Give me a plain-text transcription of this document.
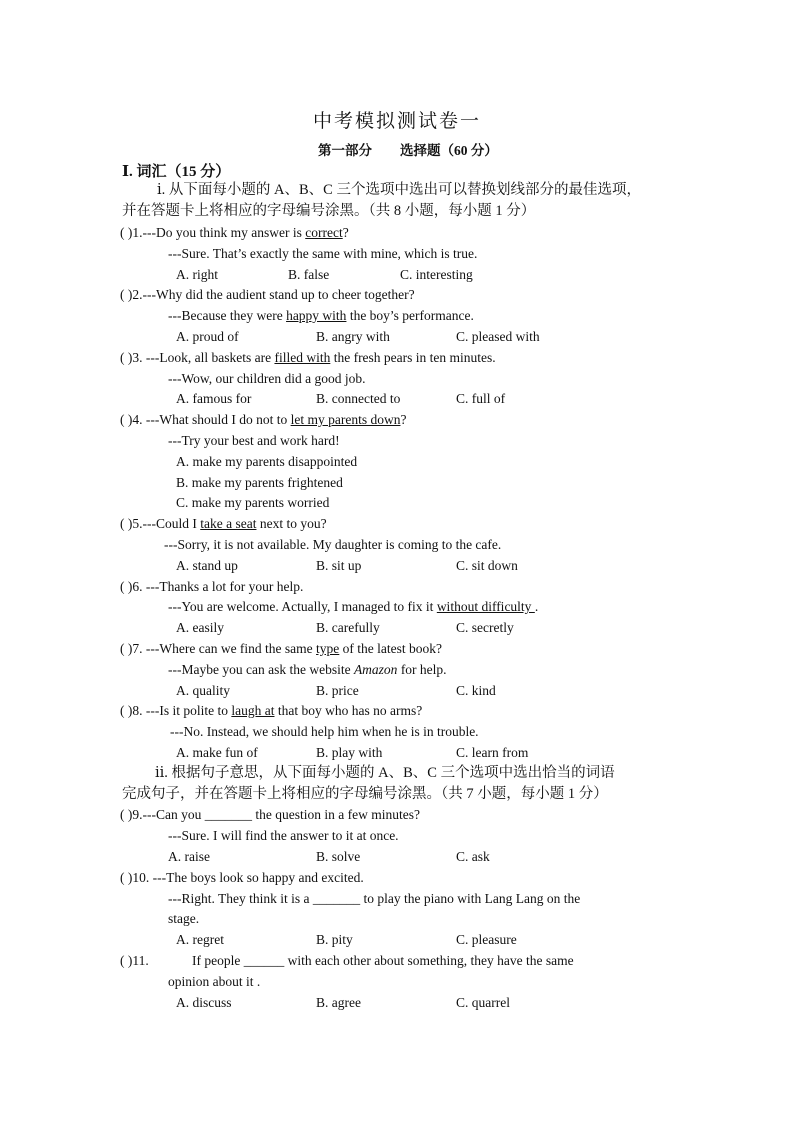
中考模拟测试卷一
第一部分 选择题（60 分）
Ⅰ. 词汇（15 分）
ⅰ. 从下面每小题的 A、B、C 三个选项中选出可以替换划线部分的最佳选项，
并在答题卡上将相应的字母编号涂黑。（共 8 小题，每小题 1 分）
( )1.---Do you think my answer is correct?
---Sure. That’s exactly the same with mine, which is true.
A. right	B. false	C. interesting
( )2.---Why did the audient stand up to cheer together?
---Because they were happy with the boy’s performance.
A. proud of	B. angry with	C. pleased with
( )3. ---Look, all baskets are filled with the fresh pears in ten minutes.
---Wow, our children did a good job.
A. famous for	B. connected to	C. full of
( )4. ---What should I do not to let my parents down?
---Try your best and work hard!
A. make my parents disappointed
B. make my parents frightened
C. make my parents worried
( )5.---Could I take a seat next to you?
---Sorry, it is not available. My daughter is coming to the cafe.
A. stand up	B. sit up	C. sit down
( )6. ---Thanks a lot for your help.
---You are welcome. Actually, I managed to fix it without difficulty .
A. easily	B. carefully	C. secretly
( )7. ---Where can we find the same type of the latest book?
---Maybe you can ask the website Amazon for help.
A. quality	B. price	C. kind
( )8. ---Is it polite to laugh at that boy who has no arms?
---No. Instead, we should help him when he is in trouble.
A. make fun of	B. play with	C. learn from
ⅱ. 根据句子意思，从下面每小题的 A、B、C 三个选项中选出恰当的词语
完成句子，并在答题卡上将相应的字母编号涂黑。（共 7 小题，每小题 1 分）
( )9.---Can you _______ the question in a few minutes?
---Sure. I will find the answer to it at once.
A. raise	B. solve	C. ask
( )10. ---The boys look so happy and excited.
---Right. They think it is a _______ to play the piano with Lang Lang on the
stage.
A. regret	B. pity	C. pleasure
( )11.	If people ______ with each other about something, they have the same
opinion about it .
A. discuss	B. agree	C. quarrel
